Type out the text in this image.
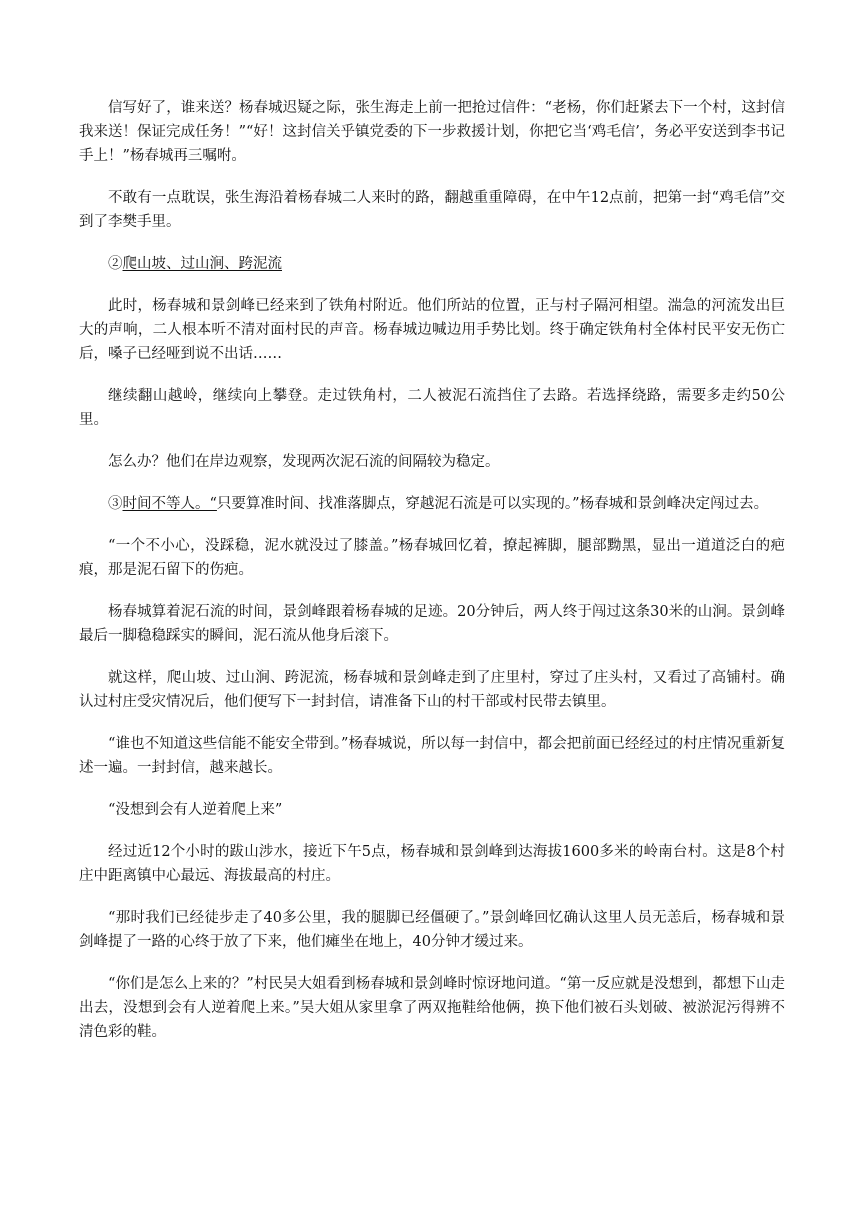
信写好了，谁来送？杨春城迟疑之际，张生海走上前一把抢过信件：“老杨，你们赶紧去下一个村，这封信我来送！保证完成任务！”“好！这封信关乎镇党委的下一步救援计划，你把它当‘鸡毛信’，务必平安送到李书记手上！”杨春城再三嘱咐。

不敢有一点耽误，张生海沿着杨春城二人来时的路，翻越重重障碍，在中午12点前，把第一封“鸡毛信”交到了李樊手里。

②爬山坡、过山涧、跨泥流

此时，杨春城和景剑峰已经来到了铁角村附近。他们所站的位置，正与村子隔河相望。湍急的河流发出巨大的声响，二人根本听不清对面村民的声音。杨春城边喊边用手势比划。终于确定铁角村全体村民平安无伤亡后，嗓子已经哑到说不出话……

继续翻山越岭，继续向上攀登。走过铁角村，二人被泥石流挡住了去路。若选择绕路，需要多走约50公里。

怎么办？他们在岸边观察，发现两次泥石流的间隔较为稳定。

③时间不等人。“只要算准时间、找准落脚点，穿越泥石流是可以实现的。”杨春城和景剑峰决定闯过去。

“一个不小心，没踩稳，泥水就没过了膝盖。”杨春城回忆着，撩起裤脚，腿部黝黑，显出一道道泛白的疤痕，那是泥石留下的伤疤。

杨春城算着泥石流的时间，景剑峰跟着杨春城的足迹。20分钟后，两人终于闯过这条30米的山涧。景剑峰最后一脚稳稳踩实的瞬间，泥石流从他身后滚下。

就这样，爬山坡、过山涧、跨泥流，杨春城和景剑峰走到了庄里村，穿过了庄头村，又看过了高铺村。确认过村庄受灾情况后，他们便写下一封封信，请准备下山的村干部或村民带去镇里。

“谁也不知道这些信能不能安全带到。”杨春城说，所以每一封信中，都会把前面已经经过的村庄情况重新复述一遍。一封封信，越来越长。

“没想到会有人逆着爬上来”

经过近12个小时的跋山涉水，接近下午5点，杨春城和景剑峰到达海拔1600多米的岭南台村。这是8个村庄中距离镇中心最远、海拔最高的村庄。

“那时我们已经徒步走了40多公里，我的腿脚已经僵硬了。”景剑峰回忆确认这里人员无恙后，杨春城和景剑峰提了一路的心终于放了下来，他们瘫坐在地上，40分钟才缓过来。

“你们是怎么上来的？”村民吴大姐看到杨春城和景剑峰时惊讶地问道。“第一反应就是没想到，都想下山走出去，没想到会有人逆着爬上来。”吴大姐从家里拿了两双拖鞋给他俩，换下他们被石头划破、被淤泥污得辨不清色彩的鞋。
